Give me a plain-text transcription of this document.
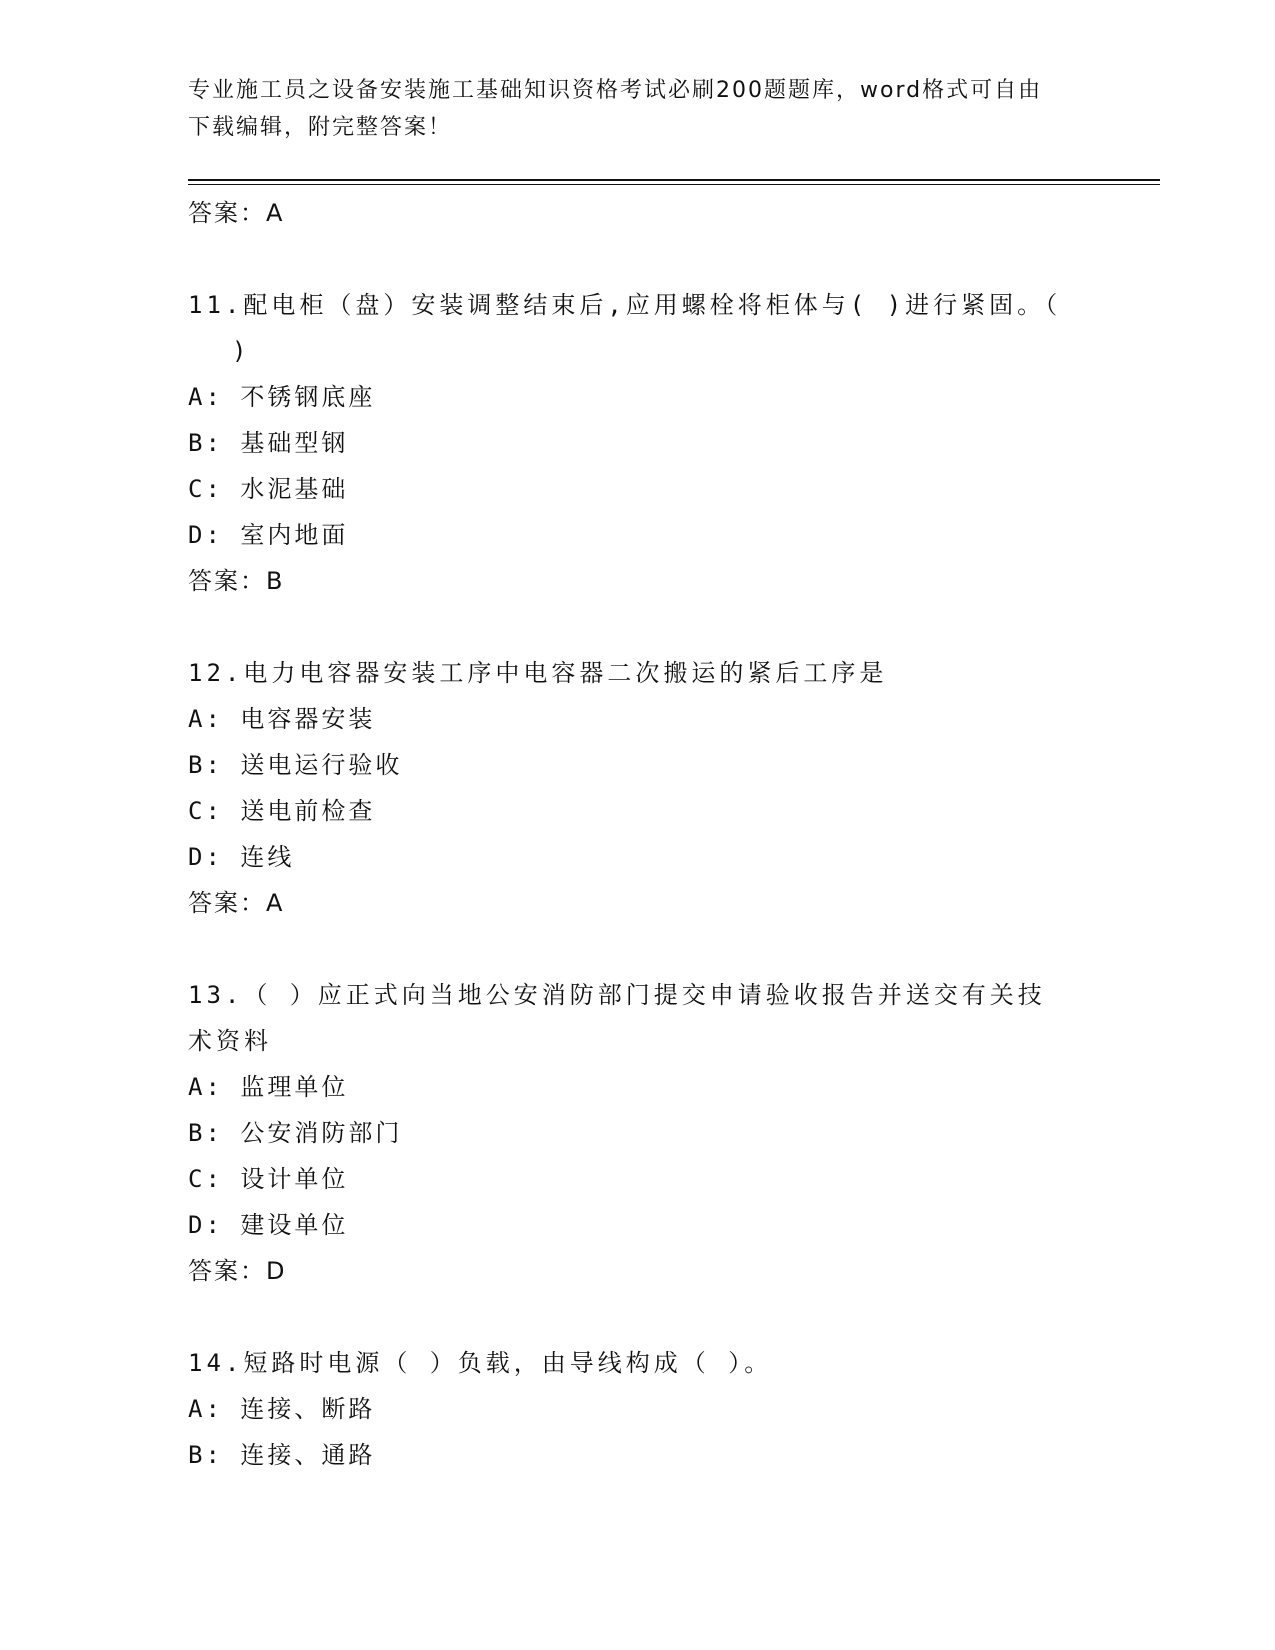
专业施工员之设备安装施工基础知识资格考试必刷200题题库，word格式可自由
下载编辑，附完整答案！
答案：A
11.配电柜（盘）安装调整结束后,应用螺栓将柜体与( )进行紧固。（
)
A: 不锈钢底座
B: 基础型钢
C: 水泥基础
D: 室内地面
答案：B
12.电力电容器安装工序中电容器二次搬运的紧后工序是
A: 电容器安装
B: 送电运行验收
C: 送电前检查
D: 连线
答案：A
13.（ ）应正式向当地公安消防部门提交申请验收报告并送交有关技
术资料
A: 监理单位
B: 公安消防部门
C: 设计单位
D: 建设单位
答案：D
14.短路时电源（ ）负载，由导线构成（ ）。
A: 连接、断路
B: 连接、通路
